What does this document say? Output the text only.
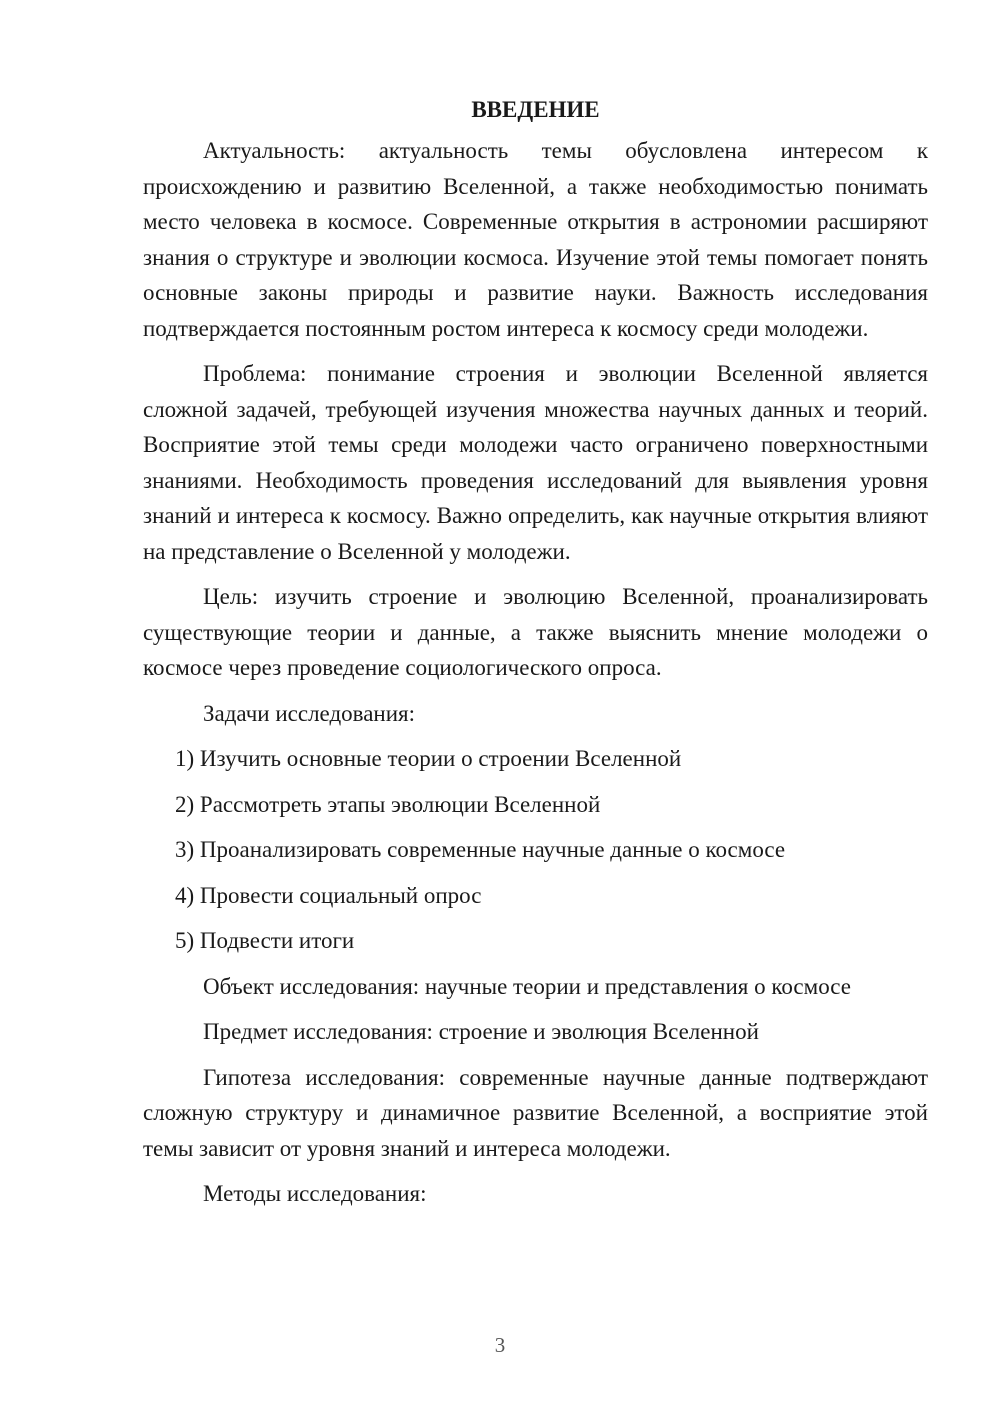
ВВЕДЕНИЕ

Актуальность: актуальность темы обусловлена интересом к происхождению и развитию Вселенной, а также необходимостью понимать место человека в космосе. Современные открытия в астрономии расширяют знания о структуре и эволюции космоса. Изучение этой темы помогает понять основные законы природы и развитие науки. Важность исследования подтверждается постоянным ростом интереса к космосу среди молодежи.

Проблема: понимание строения и эволюции Вселенной является сложной задачей, требующей изучения множества научных данных и теорий. Восприятие этой темы среди молодежи часто ограничено поверхностными знаниями. Необходимость проведения исследований для выявления уровня знаний и интереса к космосу. Важно определить, как научные открытия влияют на представление о Вселенной у молодежи.

Цель: изучить строение и эволюцию Вселенной, проанализировать существующие теории и данные, а также выяснить мнение молодежи о космосе через проведение социологического опроса.

Задачи исследования:
1) Изучить основные теории о строении Вселенной
2) Рассмотреть этапы эволюции Вселенной
3) Проанализировать современные научные данные о космосе
4) Провести социальный опрос
5) Подвести итоги
Объект исследования: научные теории и представления о космосе
Предмет исследования: строение и эволюция Вселенной

Гипотеза исследования: современные научные данные подтверждают сложную структуру и динамичное развитие Вселенной, а восприятие этой темы зависит от уровня знаний и интереса молодежи.

Методы исследования:
3
